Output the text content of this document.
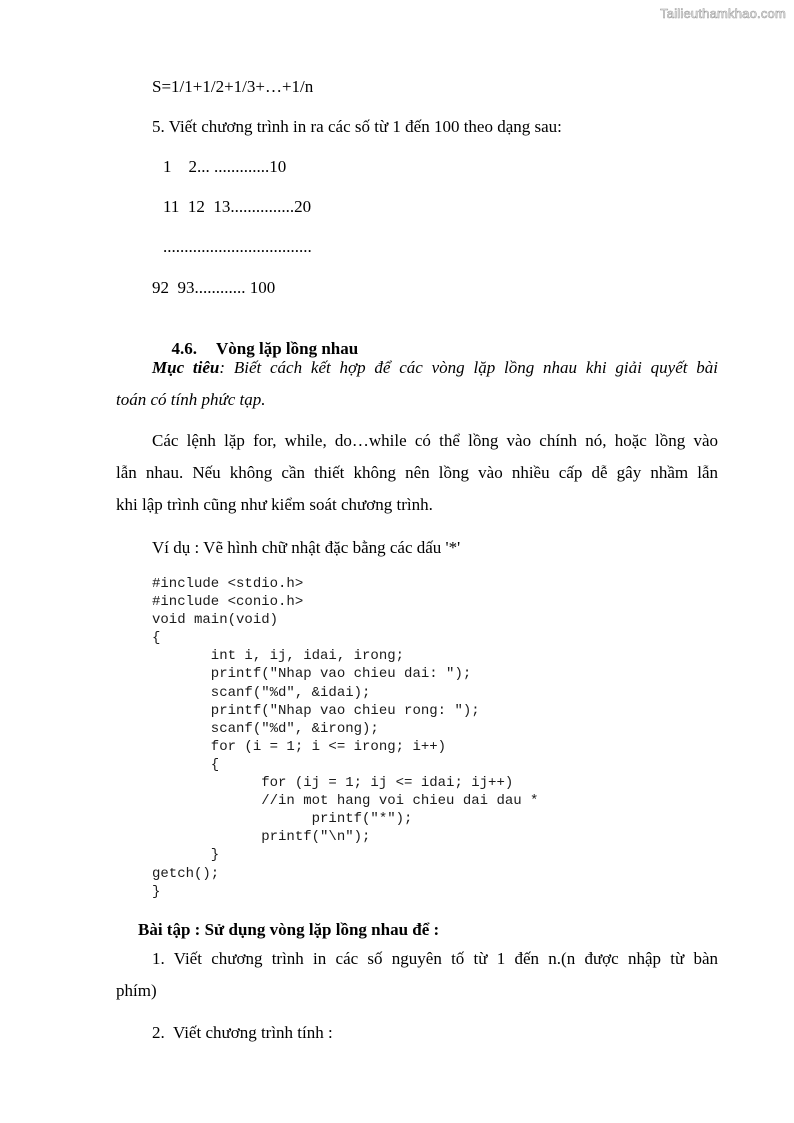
Tailieuthamkhao.com
S=1/1+1/2+1/3+…+1/n
5. Viết chương trình in ra các số từ 1 đến 100 theo dạng sau:
1    2... .............10
11  12  13...............20
...................................
92  93............ 100

4.6. Vòng lặp lồng nhau

Mục tiêu: Biết cách kết hợp để các vòng lặp lồng nhau khi giải quyết bài
toán có tính phức tạp.
Các lệnh lặp for, while, do…while có thể lồng vào chính nó, hoặc lồng vào
lẫn nhau. Nếu không cần thiết không nên lồng vào nhiều cấp dễ gây nhầm lẫn
khi lập trình cũng như kiểm soát chương trình.
Ví dụ : Vẽ hình chữ nhật đặc bằng các dấu '*'
#include <stdio.h>
#include <conio.h>
void main(void)
{
int i, ij, idai, irong;
printf("Nhap vao chieu dai: ");
scanf("%d", &idai);
printf("Nhap vao chieu rong: ");
scanf("%d", &irong);
for (i = 1; i <= irong; i++)
{
for (ij = 1; ij <= idai; ij++)
//in mot hang voi chieu dai dau *
printf("*");
printf("\n");
}
getch();
}
Bài tập : Sử dụng vòng lặp lồng nhau để :
1. Viết chương trình in các số nguyên tố từ 1 đến n.(n được nhập từ bàn
phím)
2.  Viết chương trình tính :
